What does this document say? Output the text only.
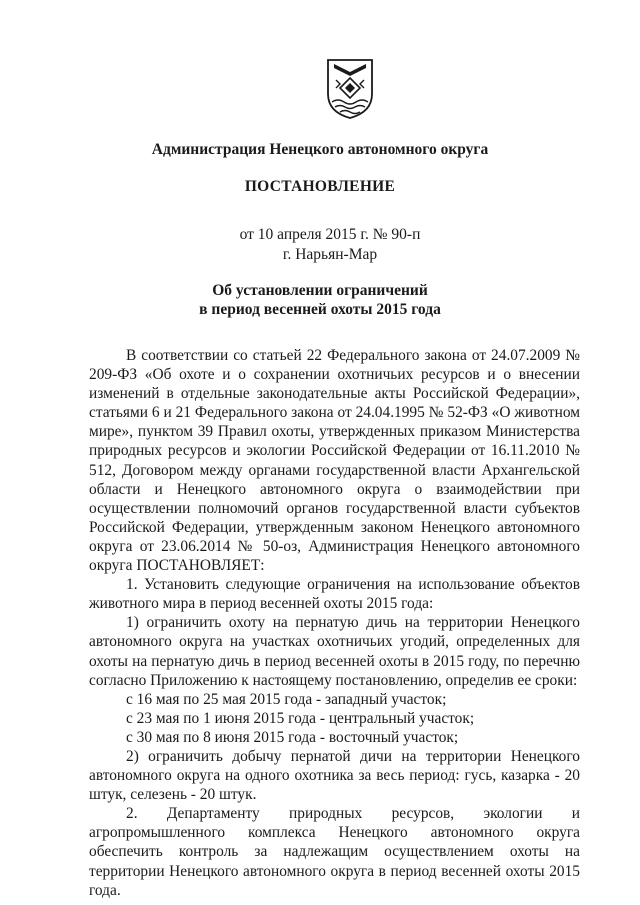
Администрация Ненецкого автономного округа
ПОСТАНОВЛЕНИЕ
от 10 апреля 2015 г. № 90-п
г. Нарьян-Мар
Об установлении ограничений
в период весенней охоты 2015 года

В соответствии со статьей 22 Федерального закона от 24.07.2009 № 209-ФЗ «Об охоте и о сохранении охотничьих ресурсов и о внесении изменений в отдельные законодательные акты Российской Федерации», статьями 6 и 21 Федерального закона от 24.04.1995 № 52-ФЗ «О животном мире», пунктом 39 Правил охоты, утвержденных приказом Министерства природных ресурсов и экологии Российской Федерации от 16.11.2010 № 512, Договором между органами государственной власти Архангельской области и Ненецкого автономного округа о взаимодействии при осуществлении полномочий органов государственной власти субъектов Российской Федерации, утвержденным законом Ненецкого автономного округа от 23.06.2014 № 50-оз, Администрация Ненецкого автономного округа ПОСТАНОВЛЯЕТ:

1. Установить следующие ограничения на использование объектов животного мира в период весенней охоты 2015 года:

1) ограничить охоту на пернатую дичь на территории Ненецкого автономного округа на участках охотничьих угодий, определенных для охоты на пернатую дичь в период весенней охоты в 2015 году, по перечню согласно Приложению к настоящему постановлению, определив ее сроки:

с 16 мая по 25 мая 2015 года - западный участок;

с 23 мая по 1 июня 2015 года - центральный участок;

с 30 мая по 8 июня 2015 года - восточный участок;

2) ограничить добычу пернатой дичи на территории Ненецкого автономного округа на одного охотника за весь период: гусь, казарка - 20 штук, селезень - 20 штук.

2. Департаменту природных ресурсов, экологии и агропромышленного комплекса Ненецкого автономного округа обеспечить контроль за надлежащим осуществлением охоты на территории Ненецкого автономного округа в период весенней охоты 2015 года.
